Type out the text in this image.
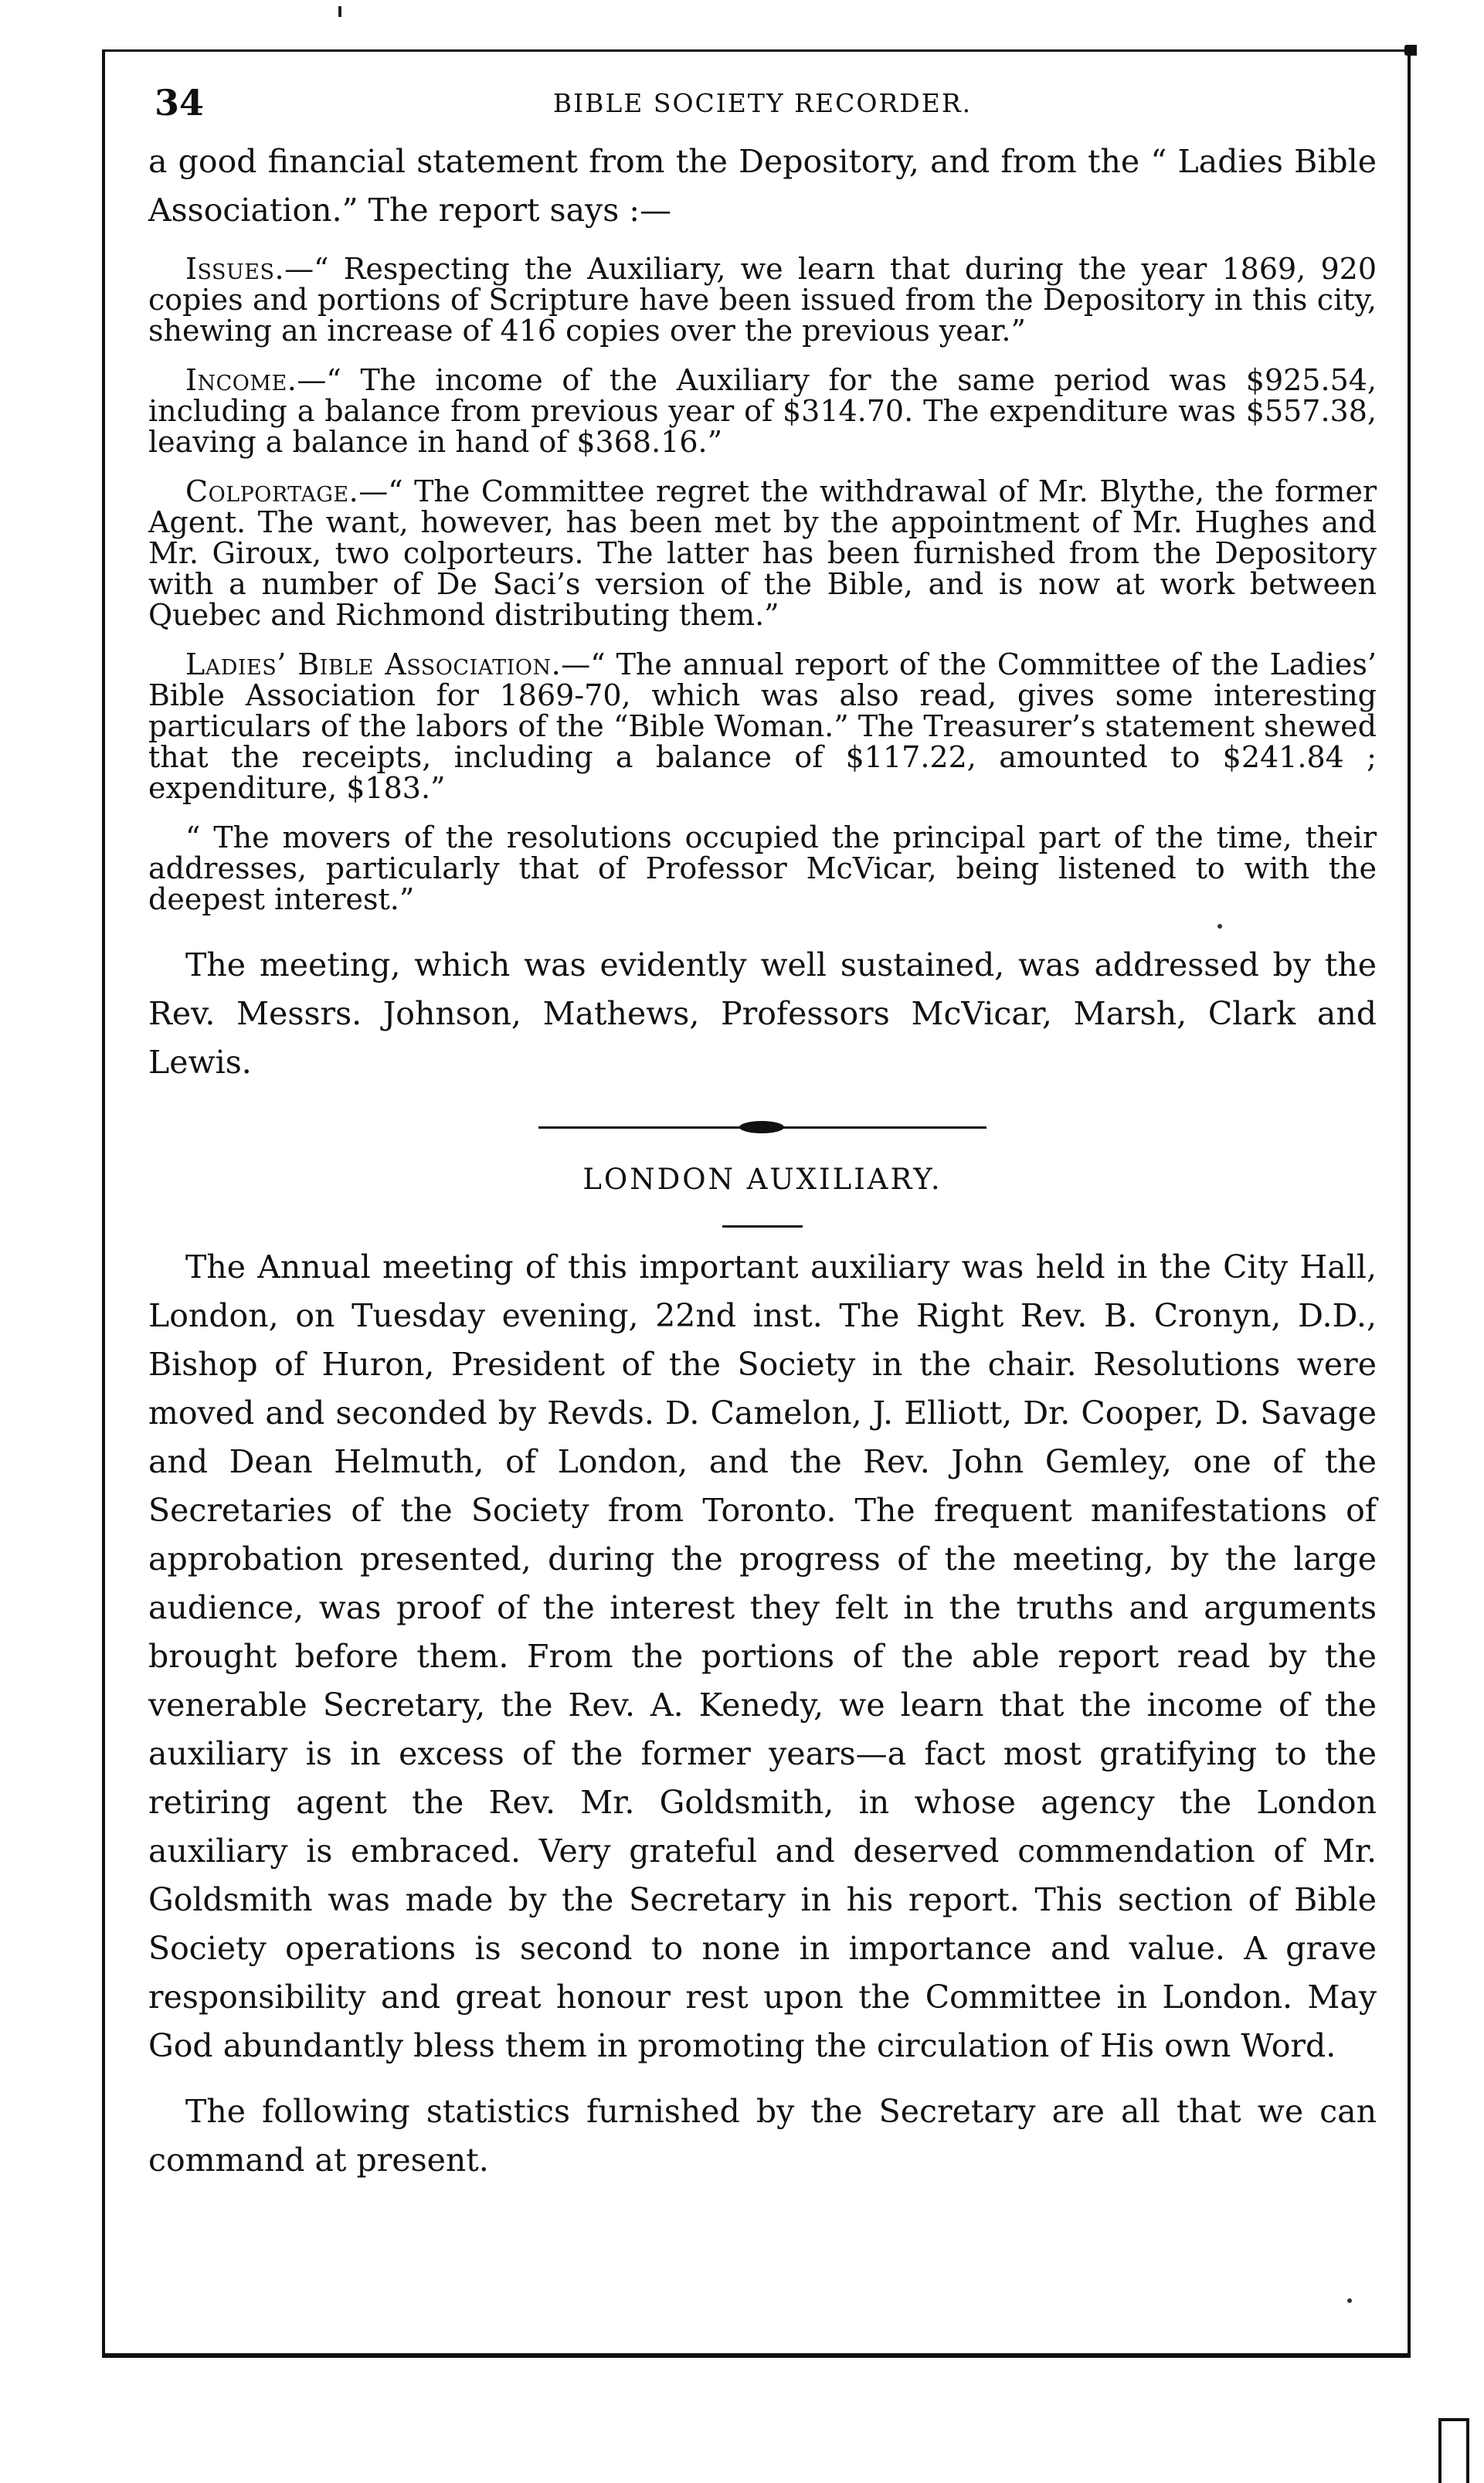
34	BIBLE SOCIETY RECORDER.

a good financial statement from the Depository, and from the “ Ladies Bible Association.” The report says :—

Issues.—“ Respecting the Auxiliary, we learn that during the year 1869, 920 copies and portions of Scripture have been issued from the Depository in this city, shewing an increase of 416 copies over the previous year.”

Income.—“ The income of the Auxiliary for the same period was $925.54, including a balance from previous year of $314.70. The expenditure was $557.38, leaving a balance in hand of $368.16.”

Colportage.—“ The Committee regret the withdrawal of Mr. Blythe, the former Agent. The want, however, has been met by the appointment of Mr. Hughes and Mr. Giroux, two colporteurs. The latter has been furnished from the Depository with a number of De Saci’s version of the Bible, and is now at work between Quebec and Richmond distributing them.”

Ladies’ Bible Association.—“ The annual report of the Committee of the Ladies’ Bible Association for 1869-70, which was also read, gives some interesting particulars of the labors of the “Bible Woman.” The Treasurer’s statement shewed that the receipts, including a balance of $117.22, amounted to $241.84 ; expenditure, $183.”

“ The movers of the resolutions occupied the principal part of the time, their addresses, particularly that of Professor McVicar, being listened to with the deepest interest.”

The meeting, which was evidently well sustained, was addressed by the Rev. Messrs. Johnson, Mathews, Professors McVicar, Marsh, Clark and Lewis.

LONDON AUXILIARY.

The Annual meeting of this important auxiliary was held in the City Hall, London, on Tuesday evening, 22nd inst. The Right Rev. B. Cronyn, D.D., Bishop of Huron, President of the Society in the chair. Resolutions were moved and seconded by Revds. D. Camelon, J. Elliott, Dr. Cooper, D. Savage and Dean Helmuth, of London, and the Rev. John Gemley, one of the Secretaries of the Society from Toronto. The frequent manifestations of approbation presented, during the progress of the meeting, by the large audience, was proof of the interest they felt in the truths and arguments brought before them. From the portions of the able report read by the venerable Secretary, the Rev. A. Kenedy, we learn that the income of the auxiliary is in excess of the former years—a fact most gratifying to the retiring agent the Rev. Mr. Goldsmith, in whose agency the London auxiliary is embraced. Very grateful and deserved commendation of Mr. Goldsmith was made by the Secretary in his report. This section of Bible Society operations is second to none in importance and value. A grave responsibility and great honour rest upon the Committee in London. May God abundantly bless them in promoting the circulation of His own Word.

The following statistics furnished by the Secretary are all that we can command at present.
